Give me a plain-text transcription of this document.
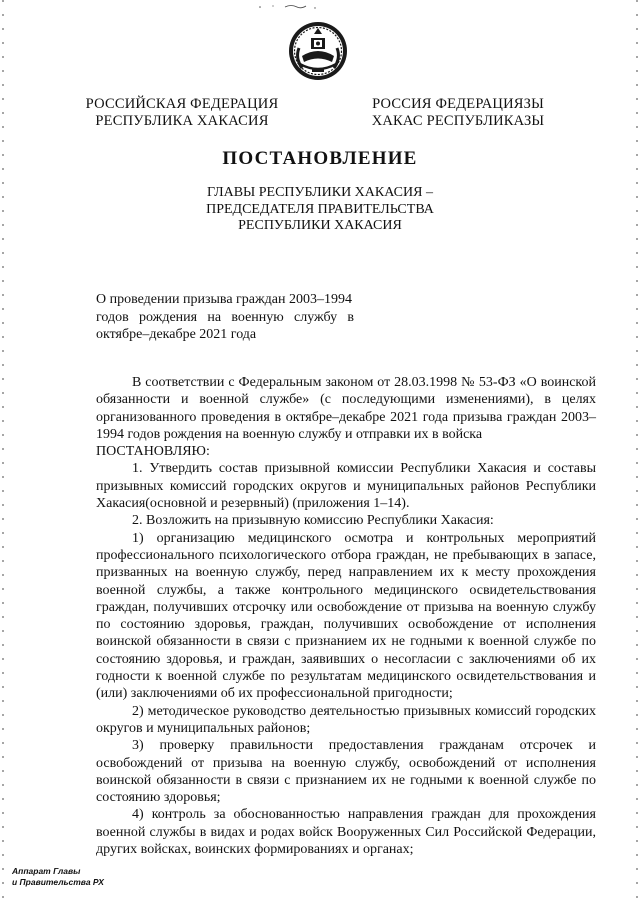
РОССИЙСКАЯ ФЕДЕРАЦИЯ
РЕСПУБЛИКА ХАКАСИЯ
РОССИЯ ФЕДЕРАЦИЯЗЫ
ХАКАС РЕСПУБЛИКАЗЫ
ПОСТАНОВЛЕНИЕ
ГЛАВЫ РЕСПУБЛИКИ ХАКАСИЯ –
ПРЕДСЕДАТЕЛЯ ПРАВИТЕЛЬСТВА
РЕСПУБЛИКИ ХАКАСИЯ
О проведении призыва граждан 2003–1994
годов рождения на военную службу в
октябре–декабре 2021 года

В соответствии с Федеральным законом от 28.03.1998 № 53-ФЗ «О воинской обязанности и военной службе» (с последующими изменениями), в целях организованного проведения в октябре–декабре 2021 года призыва граждан 2003–1994 годов рождения на военную службу и отправки их в войска

ПОСТАНОВЛЯЮ:

1. Утвердить состав призывной комиссии Республики Хакасия и составы призывных комиссий городских округов и муниципальных районов Республики Хакасия(основной и резервный) (приложения 1–14).

2. Возложить на призывную комиссию Республики Хакасия:

1) организацию медицинского осмотра и контрольных мероприятий профессионального психологического отбора граждан, не пребывающих в запасе, призванных на военную службу, перед направлением их к месту прохождения военной службы, а также контрольного медицинского освидетельствования граждан, получивших отсрочку или освобождение от призыва на военную службу по состоянию здоровья, граждан, получивших освобождение от исполнения воинской обязанности в связи с признанием их не годными к военной службе по состоянию здоровья, и граждан, заявивших о несогласии с заключениями об их годности к военной службе по результатам медицинского освидетельствования и (или) заключениями об их профессиональной пригодности;

2) методическое руководство деятельностью призывных комиссий городских округов и муниципальных районов;

3) проверку правильности предоставления гражданам отсрочек и освобождений от призыва на военную службу, освобождений от исполнения воинской обязанности в связи с признанием их не годными к военной службе по состоянию здоровья;

4) контроль за обоснованностью направления граждан для прохождения военной службы в видах и родах войск Вооруженных Сил Российской Федерации, других войсках, воинских формированиях и органах;

Аппарат Главы
и Правительства РХ
